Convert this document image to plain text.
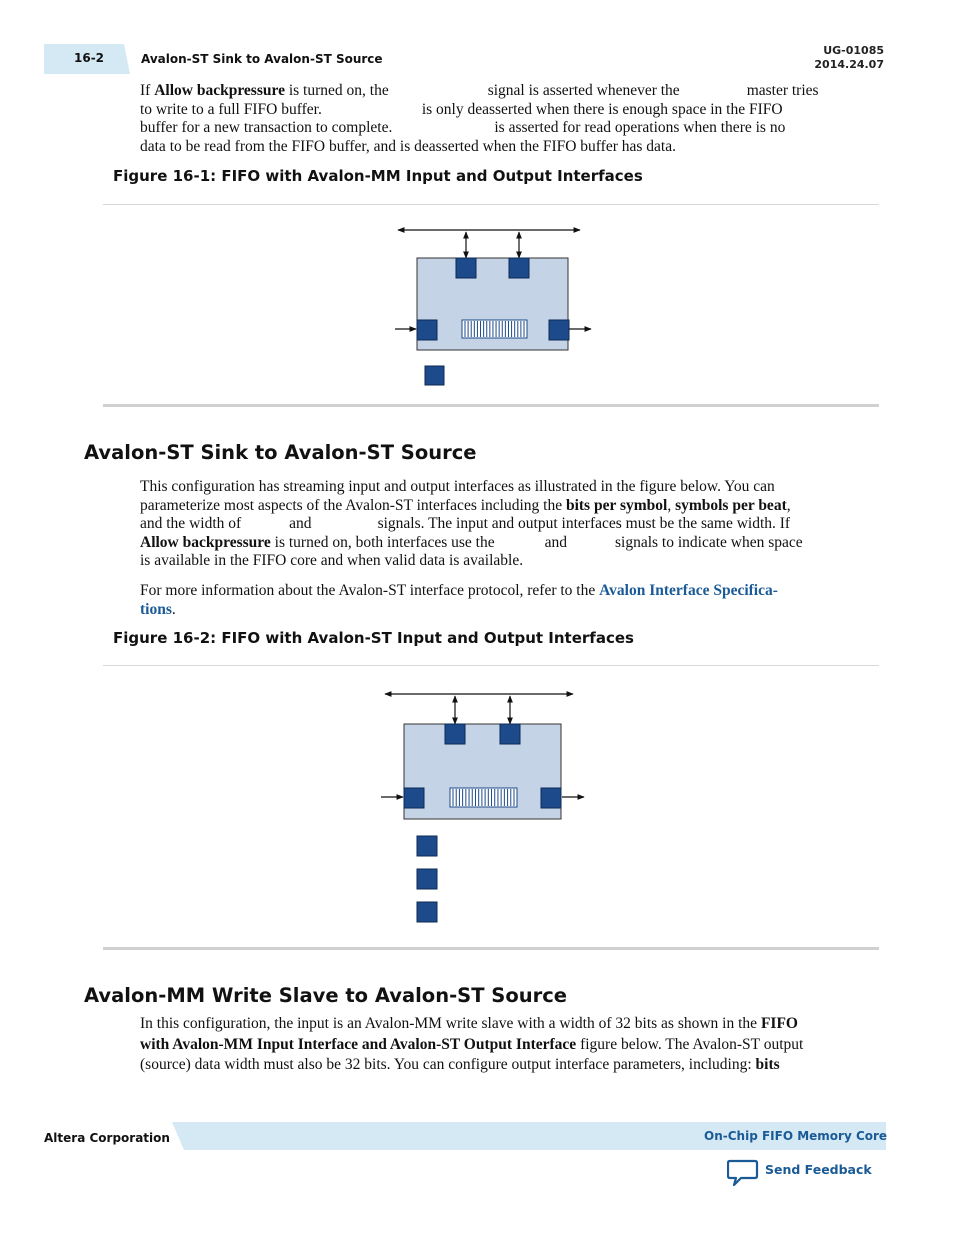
16-2	Avalon-ST Sink to Avalon-ST Source
UG-01085
2014.24.07
If Allow backpressure is turned on, the	signal is asserted whenever the	master tries
to write to a full FIFO buffer.	is only deasserted when there is enough space in the FIFO
buffer for a new transaction to complete.	is asserted for read operations when there is no
data to be read from the FIFO buffer, and is deasserted when the FIFO buffer has data.
Figure 16-1: FIFO with Avalon-MM Input and Output Interfaces
Avalon-ST Sink to Avalon-ST Source
This configuration has streaming input and output interfaces as illustrated in the figure below. You can
parameterize most aspects of the Avalon-ST interfaces including the bits per symbol, symbols per beat,
and the width of	and	signals. The input and output interfaces must be the same width. If
Allow backpressure is turned on, both interfaces use the	and	signals to indicate when space
is available in the FIFO core and when valid data is available.
For more information about the Avalon-ST interface protocol, refer to the Avalon Interface Specifica-
tions.
Figure 16-2: FIFO with Avalon-ST Input and Output Interfaces
Avalon-MM Write Slave to Avalon-ST Source
In this configuration, the input is an Avalon-MM write slave with a width of 32 bits as shown in the FIFO
with Avalon-MM Input Interface and Avalon-ST Output Interface figure below. The Avalon-ST output
(source) data width must also be 32 bits. You can configure output interface parameters, including: bits
Altera Corporation	On-Chip FIFO Memory Core
Send Feedback
